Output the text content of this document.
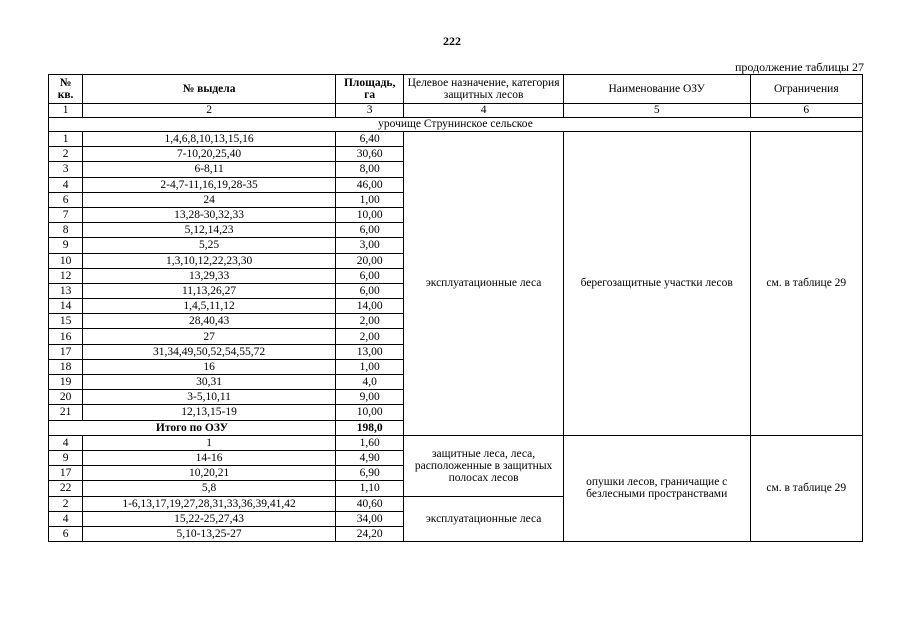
222
продолжение таблицы 27
№ кв.	№ выдела	Площадь, га	Целевое назначение, категория защитных лесов	Наименование ОЗУ	Ограничения
1	2	3	4	5	6
урочище Струнинское сельское					
1	1,4,6,8,10,13,15,16	6,40	эксплуатационные леса	берегозащитные участки лесов	см. в таблице 29
2	7-10,20,25,40	30,60			
3	6-8,11	8,00			
4	2-4,7-11,16,19,28-35	46,00			
6	24	1,00			
7	13,28-30,32,33	10,00			
8	5,12,14,23	6,00			
9	5,25	3,00			
10	1,3,10,12,22,23,30	20,00			
12	13,29,33	6,00			
13	11,13,26,27	6,00			
14	1,4,5,11,12	14,00			
15	28,40,43	2,00			
16	27	2,00			
17	31,34,49,50,52,54,55,72	13,00			
18	16	1,00			
19	30,31	4,0			
20	3-5,10,11	9,00			
21	12,13,15-19	10,00			
Итого по ОЗУ		198,0			
4	1	1,60	защитные леса, леса, расположенные в защитных полосах лесов	опушки лесов, граничащие с безлесными пространствами	см. в таблице 29
9	14-16	4,90			
17	10,20,21	6,90			
22	5,8	1,10			
2	1-6,13,17,19,27,28,31,33,36,39,41,42	40,60	эксплуатационные леса		
4	15,22-25,27,43	34,00			
6	5,10-13,25-27	24,20			
